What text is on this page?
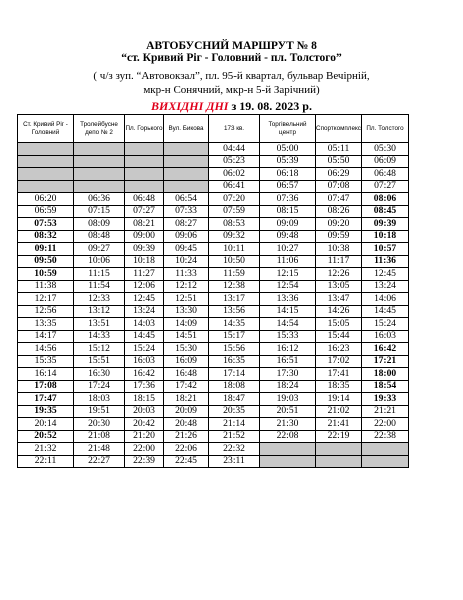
АВТОБУСНИЙ МАРШРУТ № 8
“ст. Кривий Ріг - Головний - пл. Толстого”
( ч/з зуп. “Автовокзал”, пл. 95-й квартал, бульвар Вечірній,
мкр-н Сонячний, мкр-н 5-й Зарічний)
ВИХІДНІ ДНІ з 19. 08. 2023 р.
Ст. Кривий Ріг - Головний	Тролейбусне депо № 2	Пл. Горького	Вул. Бикова	173 кв.	Торгівельний центр	Спорткомплекс	Пл. Толстого
				04:44	05:00	05:11	05:30
				05:23	05:39	05:50	06:09
				06:02	06:18	06:29	06:48
				06:41	06:57	07:08	07:27
06:20	06:36	06:48	06:54	07:20	07:36	07:47	08:06
06:59	07:15	07:27	07:33	07:59	08:15	08:26	08:45
07:53	08:09	08:21	08:27	08:53	09:09	09:20	09:39
08:32	08:48	09:00	09:06	09:32	09:48	09:59	10:18
09:11	09:27	09:39	09:45	10:11	10:27	10:38	10:57
09:50	10:06	10:18	10:24	10:50	11:06	11:17	11:36
10:59	11:15	11:27	11:33	11:59	12:15	12:26	12:45
11:38	11:54	12:06	12:12	12:38	12:54	13:05	13:24
12:17	12:33	12:45	12:51	13:17	13:36	13:47	14:06
12:56	13:12	13:24	13:30	13:56	14:15	14:26	14:45
13:35	13:51	14:03	14:09	14:35	14:54	15:05	15:24
14:17	14:33	14:45	14:51	15:17	15:33	15:44	16:03
14:56	15:12	15:24	15:30	15:56	16:12	16:23	16:42
15:35	15:51	16:03	16:09	16:35	16:51	17:02	17:21
16:14	16:30	16:42	16:48	17:14	17:30	17:41	18:00
17:08	17:24	17:36	17:42	18:08	18:24	18:35	18:54
17:47	18:03	18:15	18:21	18:47	19:03	19:14	19:33
19:35	19:51	20:03	20:09	20:35	20:51	21:02	21:21
20:14	20:30	20:42	20:48	21:14	21:30	21:41	22:00
20:52	21:08	21:20	21:26	21:52	22:08	22:19	22:38
21:32	21:48	22:00	22:06	22:32			
22:11	22:27	22:39	22:45	23:11			
